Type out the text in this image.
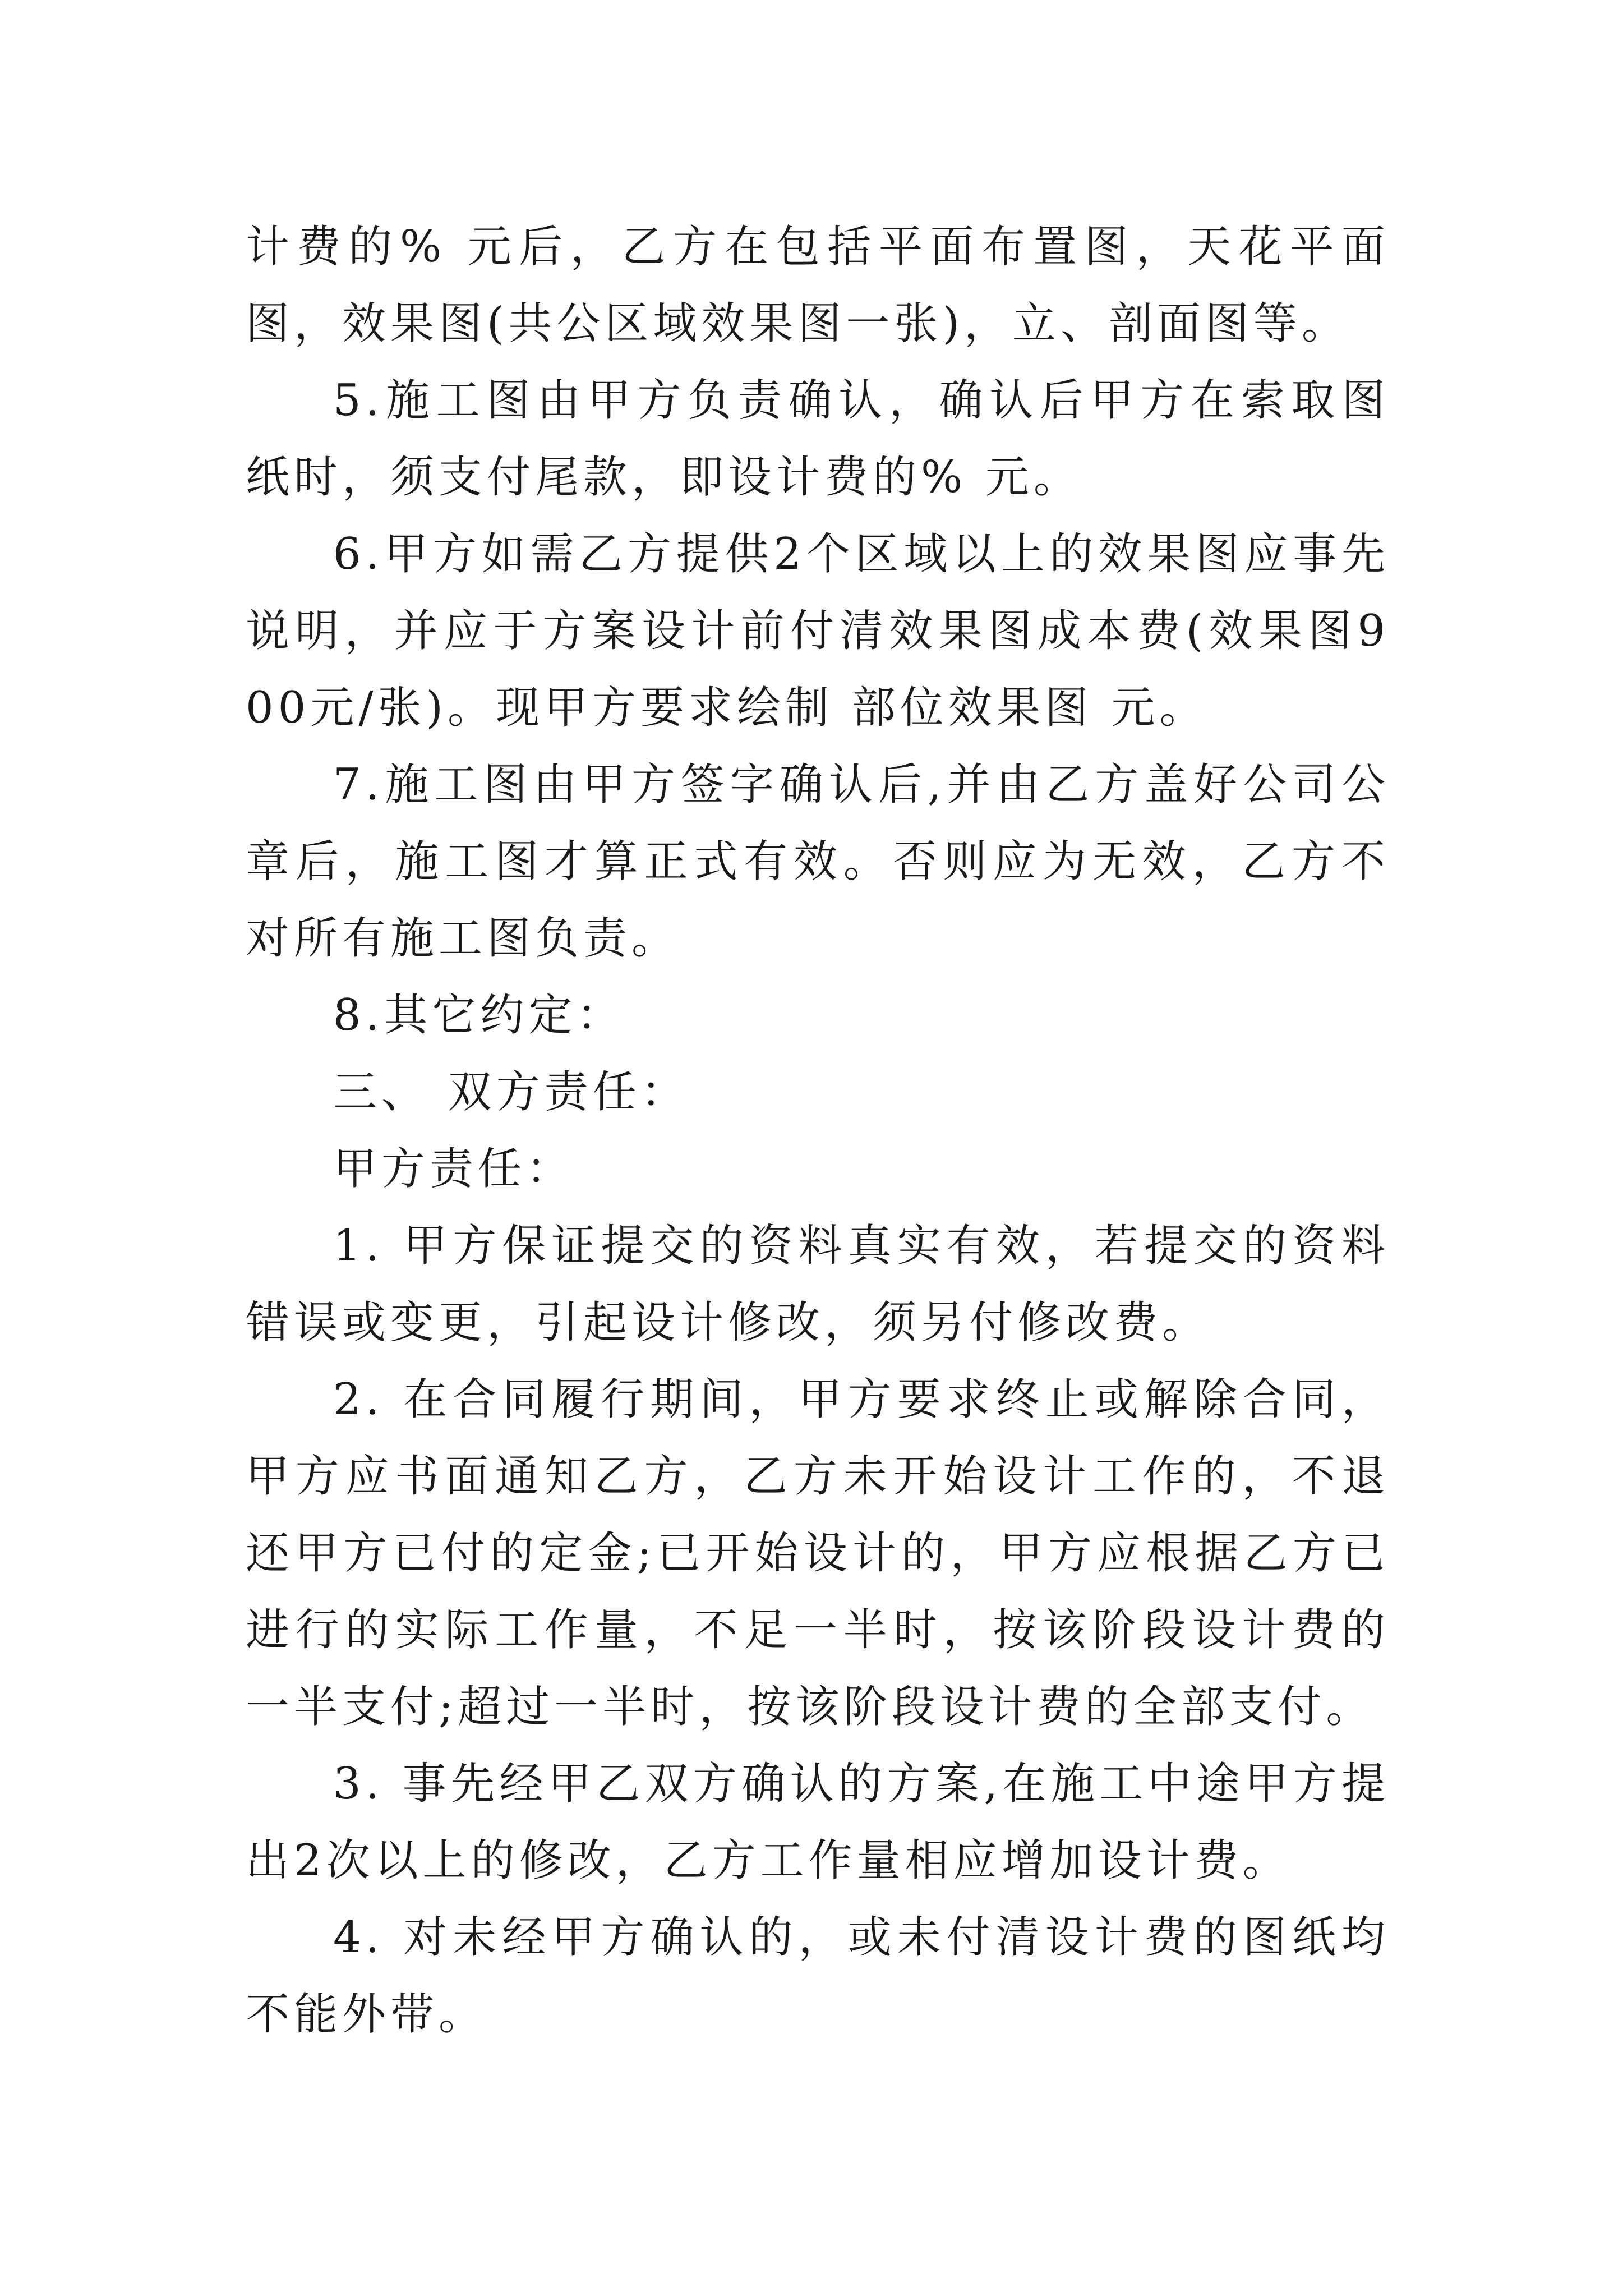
计费的% 元后，乙方在包括平面布置图，天花平面图，效果图(共公区域效果图一张)，立、剖面图等。

5.施工图由甲方负责确认，确认后甲方在索取图纸时，须支付尾款，即设计费的% 元。

6.甲方如需乙方提供2个区域以上的效果图应事先说明，并应于方案设计前付清效果图成本费(效果图900元/张)。现甲方要求绘制 部位效果图 元。

7.施工图由甲方签字确认后,并由乙方盖好公司公章后，施工图才算正式有效。否则应为无效，乙方不对所有施工图负责。

8.其它约定：

三、 双方责任：

甲方责任：

1. 甲方保证提交的资料真实有效，若提交的资料错误或变更，引起设计修改，须另付修改费。

2. 在合同履行期间，甲方要求终止或解除合同，甲方应书面通知乙方，乙方未开始设计工作的，不退还甲方已付的定金;已开始设计的，甲方应根据乙方已进行的实际工作量，不足一半时，按该阶段设计费的一半支付;超过一半时，按该阶段设计费的全部支付。

3. 事先经甲乙双方确认的方案,在施工中途甲方提出2次以上的修改，乙方工作量相应增加设计费。

4. 对未经甲方确认的，或未付清设计费的图纸均不能外带。
